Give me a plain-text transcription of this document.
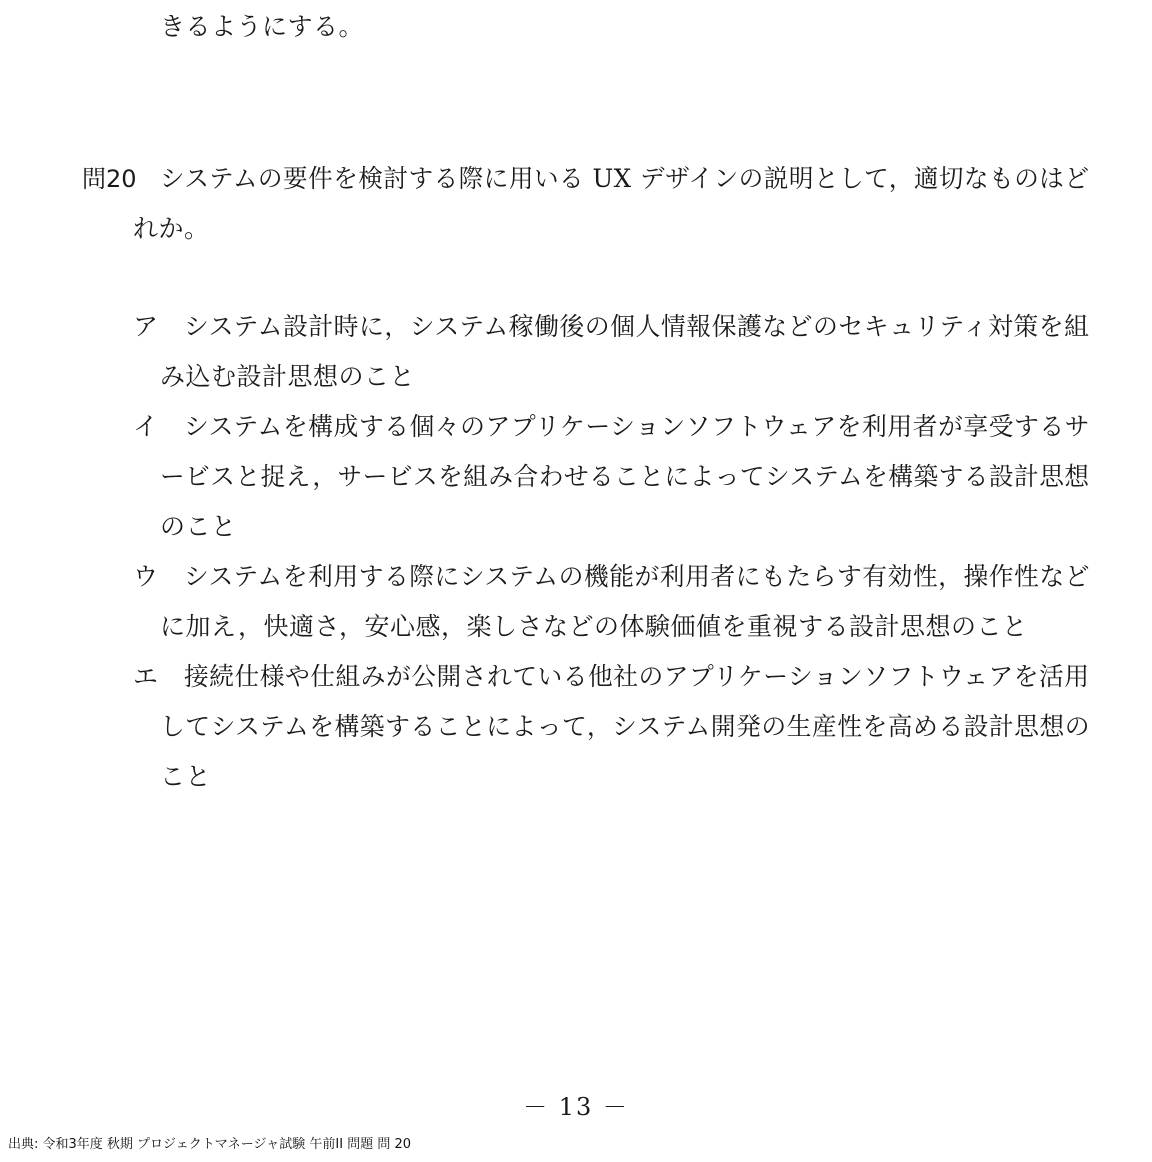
きるようにする。
問20 システムの要件を検討する際に用いる UX デザインの説明として，適切なものはど
れか。
ア システム設計時に，システム稼働後の個人情報保護などのセキュリティ対策を組
み込む設計思想のこと
イ システムを構成する個々のアプリケーションソフトウェアを利用者が享受するサ
ービスと捉え，サービスを組み合わせることによってシステムを構築する設計思想
のこと
ウ システムを利用する際にシステムの機能が利用者にもたらす有効性，操作性など
に加え，快適さ，安心感，楽しさなどの体験価値を重視する設計思想のこと
エ 接続仕様や仕組みが公開されている他社のアプリケーションソフトウェアを活用
してシステムを構築することによって，システム開発の生産性を高める設計思想の
こと
－ 13 －
出典: 令和3年度 秋期 プロジェクトマネージャ試験 午前II 問題 問 20
